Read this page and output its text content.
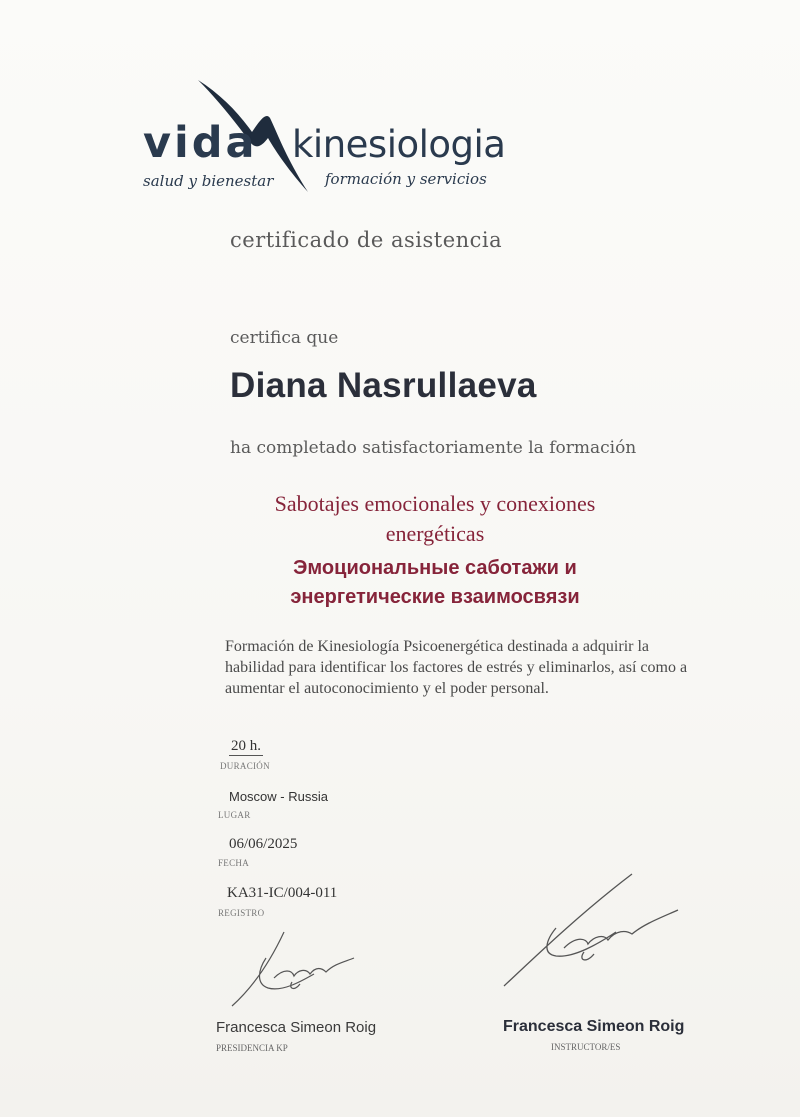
vida kinesiologia
salud y bienestar	formación y servicios
certificado de asistencia
certifica que
Diana Nasrullaeva
ha completado satisfactoriamente la formación
Sabotajes emocionales y conexiones
energéticas
Эмоциональные саботажи и
энергетические взаимосвязи
Formación de Kinesiología Psicoenergética destinada a adquirir la habilidad para identificar los factores de estrés y eliminarlos, así como a aumentar el autoconocimiento y el poder personal.
20 h.
DURACIÓN
Moscow - Russia
LUGAR
06/06/2025
FECHA
KA31-IC/004-011
REGISTRO
Francesca Simeon Roig
PRESIDENCIA KP
Francesca Simeon Roig
INSTRUCTOR/ES
